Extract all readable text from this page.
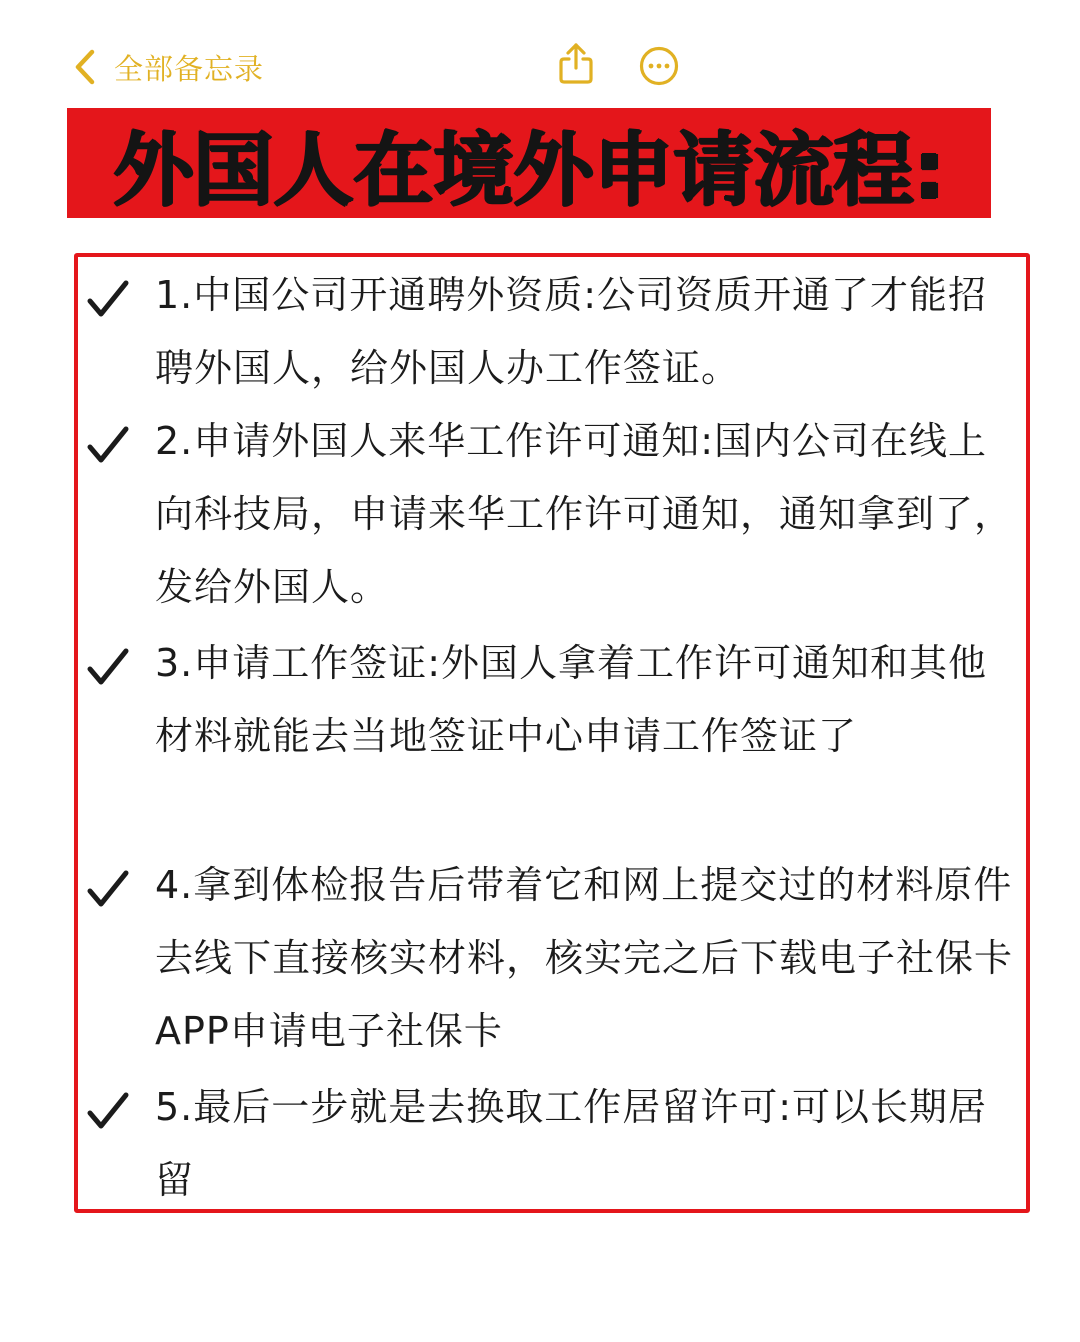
全部备忘录
外国人在境外申请流程:
1.中国公司开通聘外资质:公司资质开通了才能招聘外国人，给外国人办工作签证。
2.申请外国人来华工作许可通知:国内公司在线上向科技局，申请来华工作许可通知，通知拿到了，发给外国人。
3.申请工作签证:外国人拿着工作许可通知和其他材料就能去当地签证中心申请工作签证了
4.拿到体检报告后带着它和网上提交过的材料原件去线下直接核实材料，核实完之后下载电子社保卡APP申请电子社保卡
5.最后一步就是去换取工作居留许可:可以长期居留
